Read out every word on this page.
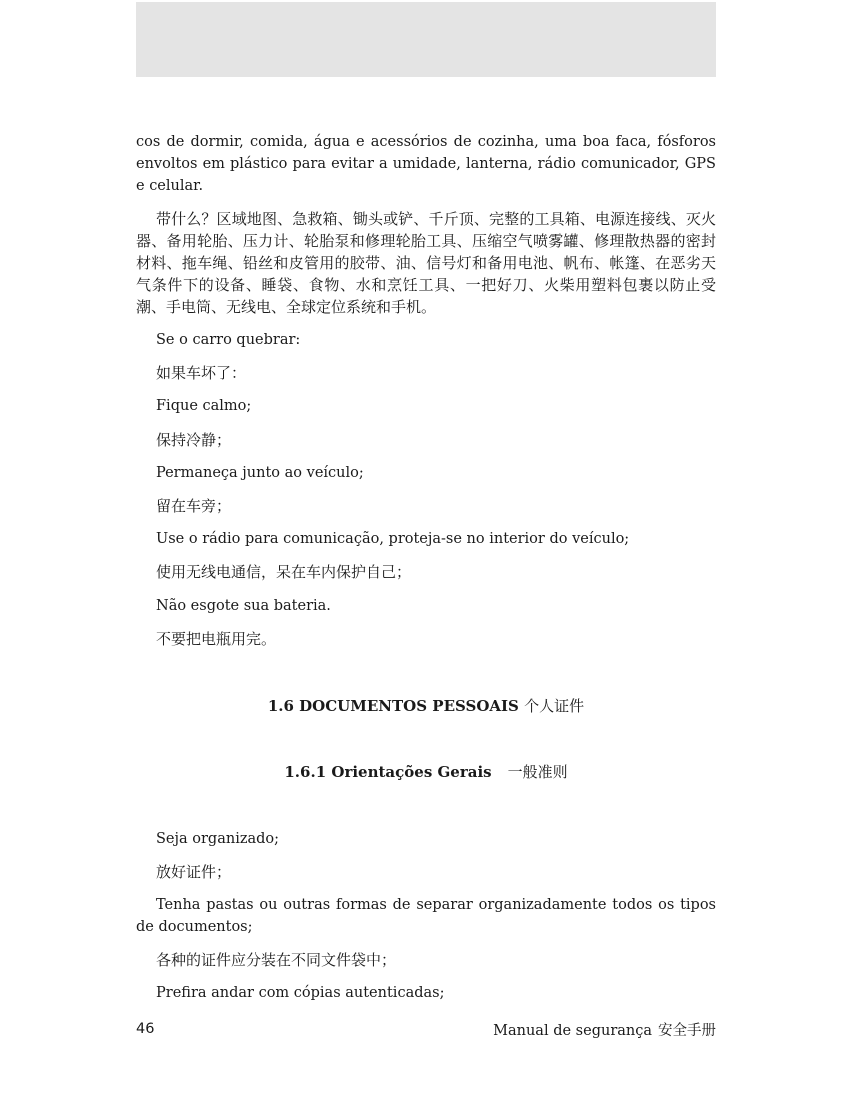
cos de dormir, comida, água e acessórios de cozinha, uma boa faca, fósforos envoltos em plástico para evitar a umidade, lanterna, rádio comunicador, GPS e celular.

带什么？区域地图、急救箱、锄头或铲、千斤顶、完整的工具箱、电源连接线、灭火器、备用轮胎、压力计、轮胎泵和修理轮胎工具、压缩空气喷雾罐、修理散热器的密封材料、拖车绳、铅丝和皮管用的胶带、油、信号灯和备用电池、帆布、帐篷、在恶劣天气条件下的设备、睡袋、食物、水和烹饪工具、一把好刀、火柴用塑料包裹以防止受潮、手电筒、无线电、全球定位系统和手机。

Se o carro quebrar:
如果车坏了：
Fique calmo;
保持冷静；
Permaneça junto ao veículo;
留在车旁；
Use o rádio para comunicação, proteja-se no interior do veículo;
使用无线电通信，呆在车内保护自己；
Não esgote sua bateria.
不要把电瓶用完。
1.6 DOCUMENTOS PESSOAIS 个人证件
1.6.1 Orientações Gerais 一般准则
Seja organizado;
放好证件；
Tenha pastas ou outras formas de separar organizadamente todos os tipos de documentos;
各种的证件应分装在不同文件袋中；
Prefira andar com cópias autenticadas;
46	Manual de segurança 安全手册
